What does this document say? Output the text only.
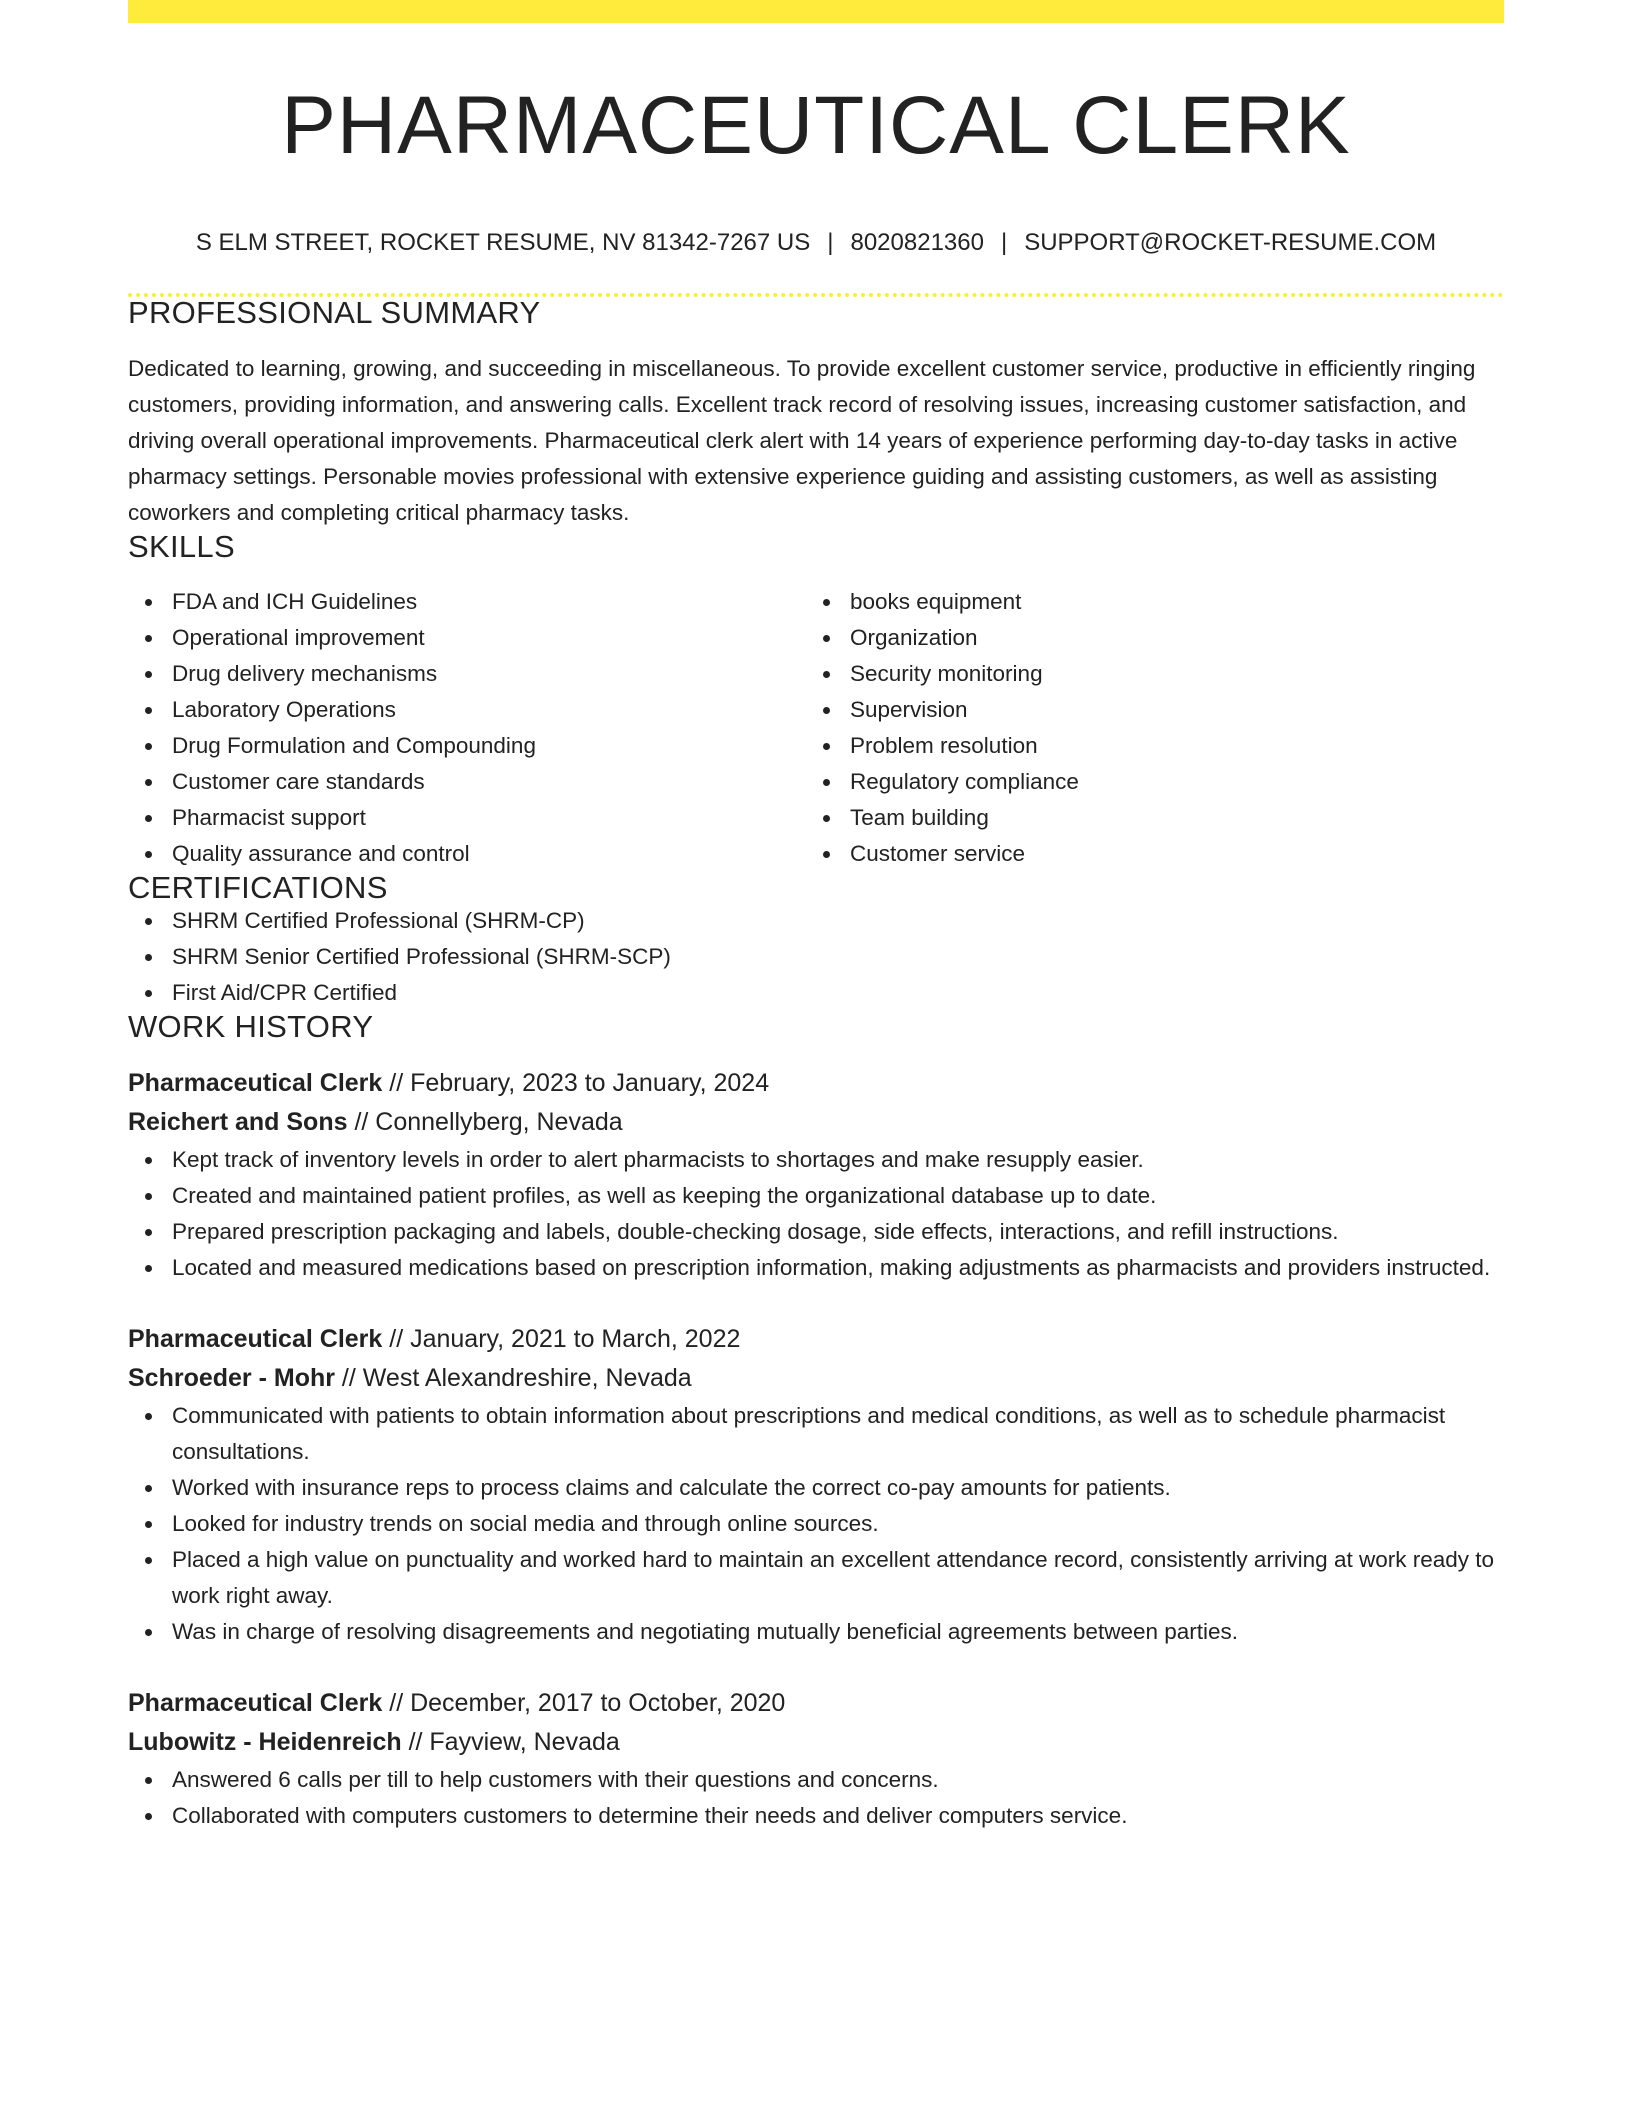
PHARMACEUTICAL CLERK
S ELM STREET, ROCKET RESUME, NV 81342-7267 US | 8020821360 | SUPPORT@ROCKET-RESUME.COM
PROFESSIONAL SUMMARY
Dedicated to learning, growing, and succeeding in miscellaneous. To provide excellent customer service, productive in efficiently ringing customers, providing information, and answering calls. Excellent track record of resolving issues, increasing customer satisfaction, and driving overall operational improvements. Pharmaceutical clerk alert with 14 years of experience performing day-to-day tasks in active pharmacy settings. Personable movies professional with extensive experience guiding and assisting customers, as well as assisting coworkers and completing critical pharmacy tasks.
SKILLS
FDA and ICH Guidelines
Operational improvement
Drug delivery mechanisms
Laboratory Operations
Drug Formulation and Compounding
Customer care standards
Pharmacist support
Quality assurance and control
books equipment
Organization
Security monitoring
Supervision
Problem resolution
Regulatory compliance
Team building
Customer service
CERTIFICATIONS
SHRM Certified Professional (SHRM-CP)
SHRM Senior Certified Professional (SHRM-SCP)
First Aid/CPR Certified
WORK HISTORY
Pharmaceutical Clerk // February, 2023 to January, 2024
Reichert and Sons // Connellyberg, Nevada
Kept track of inventory levels in order to alert pharmacists to shortages and make resupply easier.
Created and maintained patient profiles, as well as keeping the organizational database up to date.
Prepared prescription packaging and labels, double-checking dosage, side effects, interactions, and refill instructions.
Located and measured medications based on prescription information, making adjustments as pharmacists and providers instructed.
Pharmaceutical Clerk // January, 2021 to March, 2022
Schroeder - Mohr // West Alexandreshire, Nevada
Communicated with patients to obtain information about prescriptions and medical conditions, as well as to schedule pharmacist consultations.
Worked with insurance reps to process claims and calculate the correct co-pay amounts for patients.
Looked for industry trends on social media and through online sources.
Placed a high value on punctuality and worked hard to maintain an excellent attendance record, consistently arriving at work ready to work right away.
Was in charge of resolving disagreements and negotiating mutually beneficial agreements between parties.
Pharmaceutical Clerk // December, 2017 to October, 2020
Lubowitz - Heidenreich // Fayview, Nevada
Answered 6 calls per till to help customers with their questions and concerns.
Collaborated with computers customers to determine their needs and deliver computers service.
